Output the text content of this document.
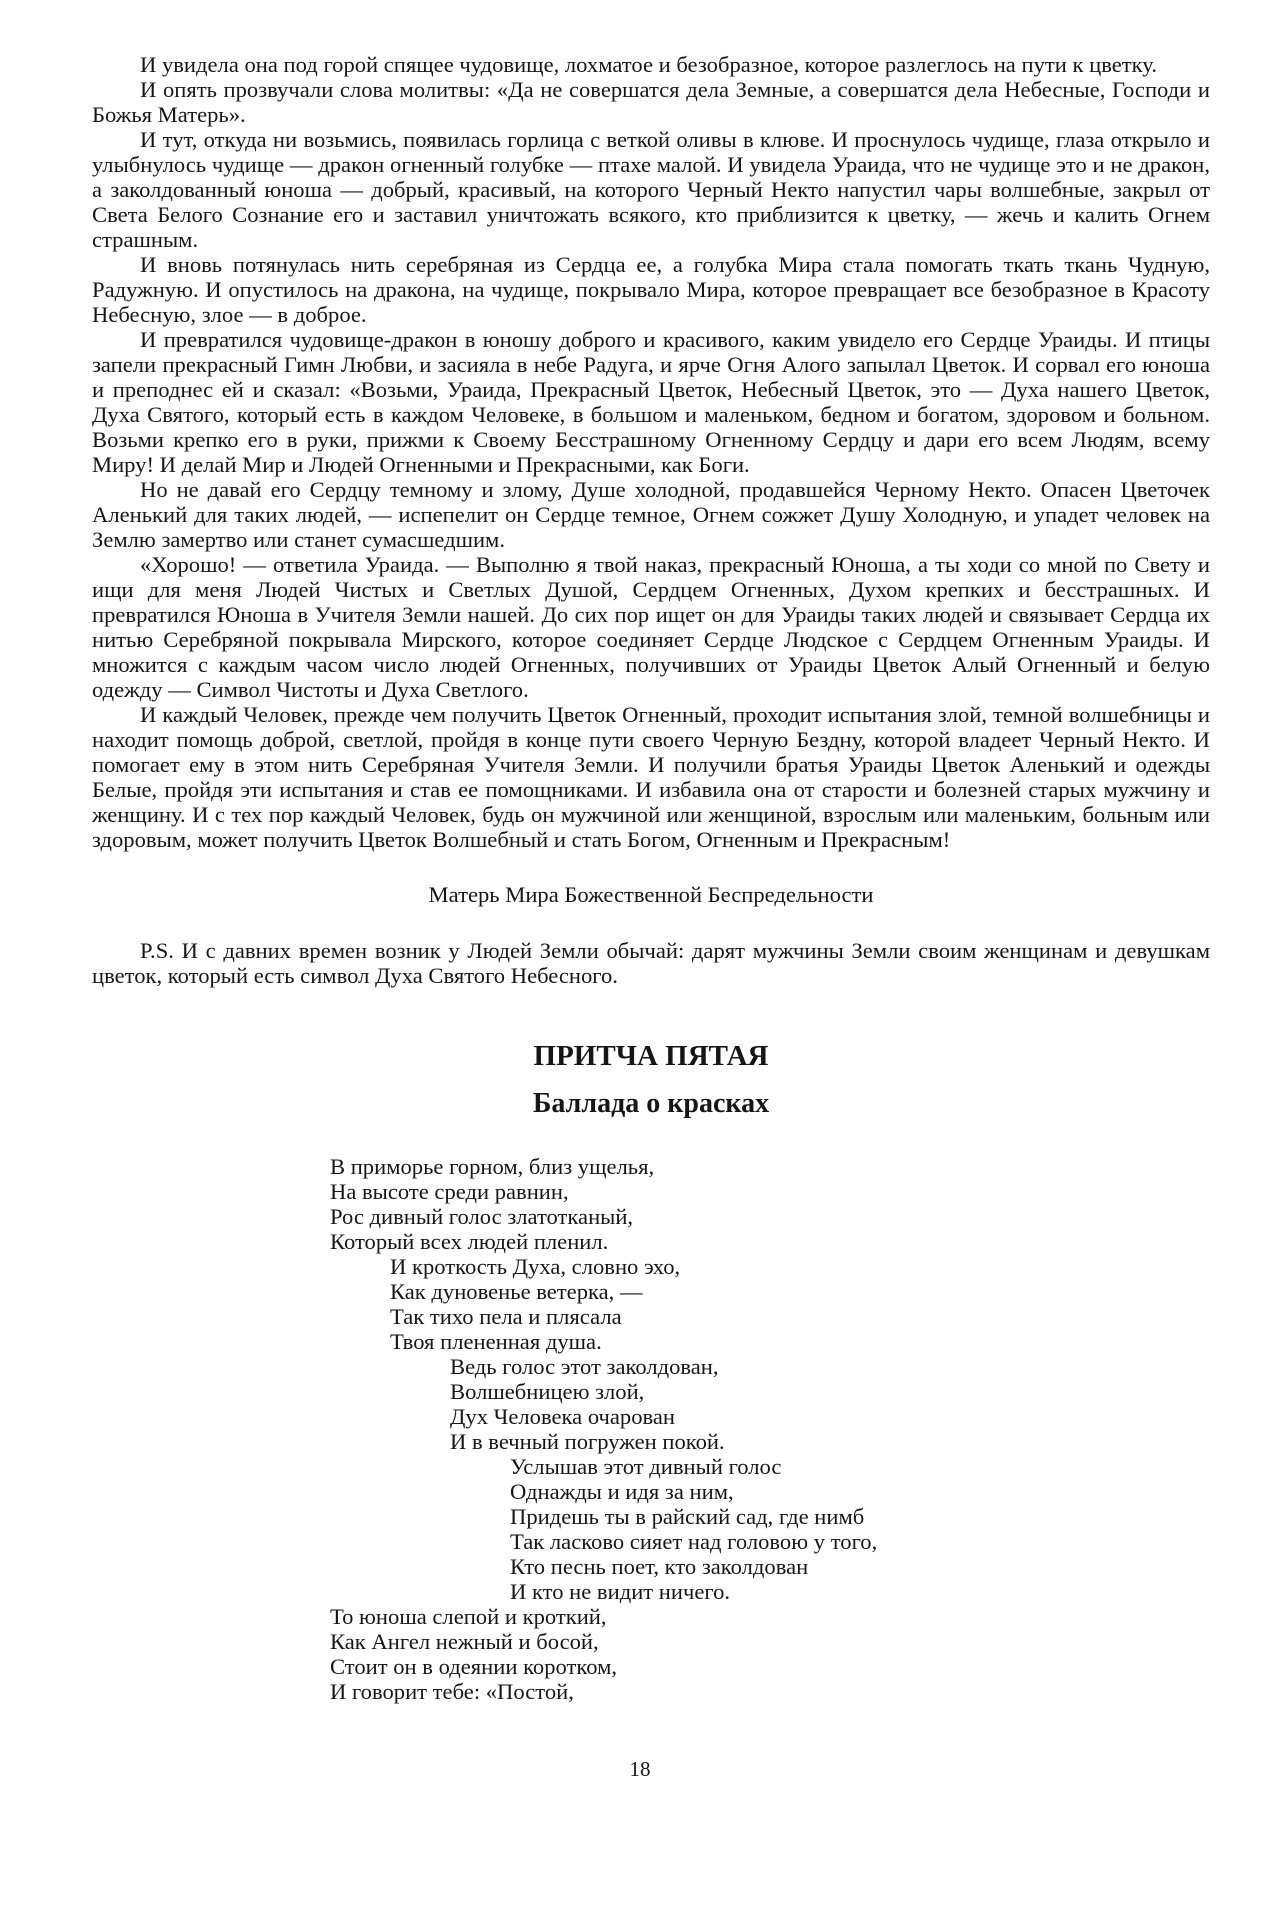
И увидела она под горой спящее чудовище, лохматое и безобразное, которое разлеглось на пути к цветку.

И опять прозвучали слова молитвы: «Да не совершатся дела Земные, а совершатся дела Небесные, Господи и Божья Матерь».

И тут, откуда ни возьмись, появилась горлица с веткой оливы в клюве. И проснулось чудище, глаза открыло и улыбнулось чудище — дракон огненный голубке — птахе малой. И увидела Ураида, что не чудище это и не дракон, а заколдованный юноша — добрый, красивый, на которого Черный Некто напустил чары волшебные, закрыл от Света Белого Сознание его и заставил уничтожать всякого, кто приблизится к цветку, — жечь и калить Огнем страшным.

И вновь потянулась нить серебряная из Сердца ее, а голубка Мира стала помогать ткать ткань Чудную, Радужную. И опустилось на дракона, на чудище, покрывало Мира, которое превращает все безобразное в Красоту Небесную, злое — в доброе.

И превратился чудовище-дракон в юношу доброго и красивого, каким увидело его Сердце Ураиды. И птицы запели прекрасный Гимн Любви, и засияла в небе Радуга, и ярче Огня Алого запылал Цветок. И сорвал его юноша и преподнес ей и сказал: «Возьми, Ураида, Прекрасный Цветок, Небесный Цветок, это — Духа нашего Цветок, Духа Святого, который есть в каждом Человеке, в большом и маленьком, бедном и богатом, здоровом и больном. Возьми крепко его в руки, прижми к Своему Бесстрашному Огненному Сердцу и дари его всем Людям, всему Миру! И делай Мир и Людей Огненными и Прекрасными, как Боги.

Но не давай его Сердцу темному и злому, Душе холодной, продавшейся Черному Некто. Опасен Цветочек Аленький для таких людей, — испепелит он Сердце темное, Огнем сожжет Душу Холодную, и упадет человек на Землю замертво или станет сумасшедшим.

«Хорошо! — ответила Ураида. — Выполню я твой наказ, прекрасный Юноша, а ты ходи со мной по Свету и ищи для меня Людей Чистых и Светлых Душой, Сердцем Огненных, Духом крепких и бесстрашных. И превратился Юноша в Учителя Земли нашей. До сих пор ищет он для Ураиды таких людей и связывает Сердца их нитью Серебряной покрывала Мирского, которое соединяет Сердце Людское с Сердцем Огненным Ураиды. И множится с каждым часом число людей Огненных, получивших от Ураиды Цветок Алый Огненный и белую одежду — Символ Чистоты и Духа Светлого.

И каждый Человек, прежде чем получить Цветок Огненный, проходит испытания злой, темной волшебницы и находит помощь доброй, светлой, пройдя в конце пути своего Черную Бездну, которой владеет Черный Некто. И помогает ему в этом нить Серебряная Учителя Земли. И получили братья Ураиды Цветок Аленький и одежды Белые, пройдя эти испытания и став ее помощниками. И избавила она от старости и болезней старых мужчину и женщину. И с тех пор каждый Человек, будь он мужчиной или женщиной, взрослым или маленьким, больным или здоровым, может получить Цветок Волшебный и стать Богом, Огненным и Прекрасным!

Матерь Мира Божественной Беспредельности

P.S. И с давних времен возник у Людей Земли обычай: дарят мужчины Земли своим женщинам и девушкам цветок, который есть символ Духа Святого Небесного.

ПРИТЧА ПЯТАЯ
Баллада о красках
В приморье горном, близ ущелья,
На высоте среди равнин,
Рос дивный голос златотканый,
Который всех людей пленил.
И кроткость Духа, словно эхо,
Как дуновенье ветерка, —
Так тихо пела и плясала
Твоя плененная душа.
Ведь голос этот заколдован,
Волшебницею злой,
Дух Человека очарован
И в вечный погружен покой.
Услышав этот дивный голос
Однажды и идя за ним,
Придешь ты в райский сад, где нимб
Так ласково сияет над головою у того,
Кто песнь поет, кто заколдован
И кто не видит ничего.
То юноша слепой и кроткий,
Как Ангел нежный и босой,
Стоит он в одеянии коротком,
И говорит тебе: «Постой,
18
